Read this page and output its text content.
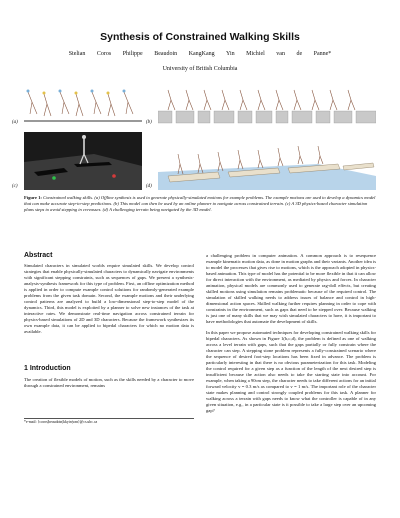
Synthesis of Constrained Walking Skills
Stelian Coros Philippe Beaudoin KangKang Yin Michiel van de Panne*
University of British Columbia
(a)	(b)
(c)	(d)
Figure 1: Constrained walking skills. (a) Offline synthesis is used to generate physically-simulated motions for example problems. The example motions are used to develop a dynamics model that can make accurate step-to-step predictions. (b) This model can then be used by an online planner to navigate across constrained terrain. (c) A 3D physics-based character simulation plans steps to avoid stepping in crevasses. (d) A challenging terrain being navigated by the 3D model.
Abstract
Simulated characters in simulated worlds require simulated skills. We develop control strategies that enable physically-simulated characters to dynamically navigate environments with significant stepping constraints, such as sequences of gaps. We present a synthesis-analysis-synthesis framework for this type of problem. First, an offline optimization method is applied in order to compute example control solutions for randomly-generated example problems from the given task domain. Second, the example motions and their underlying control patterns are analyzed to build a low-dimensional step-to-step model of the dynamics. Third, this model is exploited by a planner to solve new instances of the task at interactive rates. We demonstrate real-time navigation across constrained terrain for physics-based simulations of 2D and 3D characters. Because the framework synthesizes its own example data, it can be applied to bipedal characters for which no motion data is available.
1 Introduction
The creation of flexible models of motion, such as the skills needed by a character to move through a constrained environment, remains
*e-mail: {coros|beaudoin|kkyin|van}@cs.ubc.ca
a challenging problem in computer animation. A common approach is to resequence example kinematic motion data, as done in motion graphs and their variants. Another idea is to model the processes that gives rise to motions, which is the approach adopted in physics-based animation. This type of model has the potential to be more flexible in that it can allow for direct interaction with the environment, as mediated by physics and forces. In character animation, physical models are commonly used to generate rag-doll effects, but creating skilled motions using simulation remains problematic because of the required control. The simulation of skilled walking needs to address issues of balance and control in high-dimensional action spaces. Skilled walking further requires planning in order to cope with constraints in the environment, such as gaps that need to be stepped over. Because walking is just one of many skills that we may wish simulated characters to have, it is important to have methodologies that automate the development of skills.
In this paper we propose automated techniques for developing constrained walking skills for bipedal characters. As shown in Figure 1(b,c,d), the problem is defined as one of walking across a level terrain with gaps, such that the gaps partially or fully constrain where the character can step. A stepping stone problem represents a fully-constrained scenario where the sequence of desired foot-step locations has been fixed in advance. The problem is particularly interesting in that there is no obvious parameterization for this task. Modeling the control required for a given step as a function of the length of the next desired step is insufficient because the action also needs to take the starting state into account. For example, when taking a 90cm step, the character needs to take different actions for an initial forward velocity v = 0.3 m/s as compared to v = 1 m/s. The important role of the character state makes planning and control strongly coupled problems for this task. A planner for walking across a terrain with gaps needs to know what the controller is capable of in any given situation, e.g., in a particular state is it possible to take a large step over an upcoming gap?
